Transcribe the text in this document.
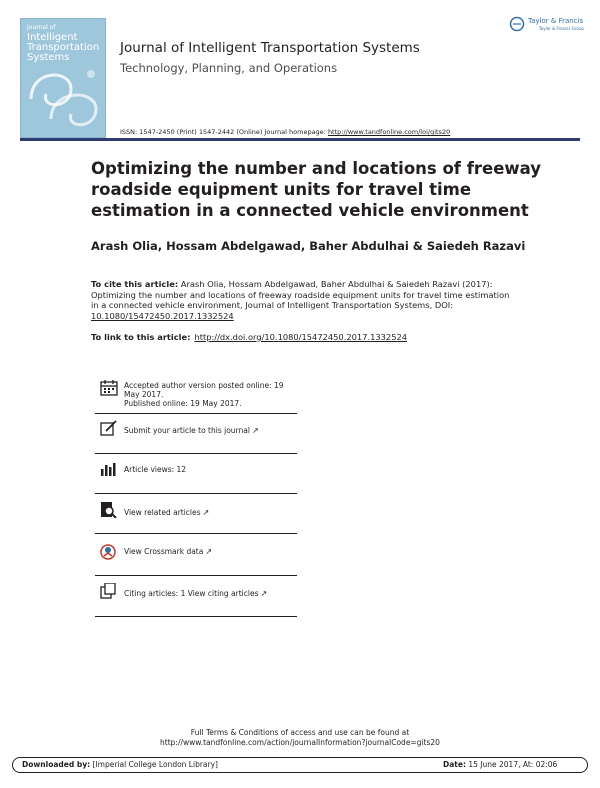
Journal of
Intelligent
Transportation
Systems
Taylor & Francis
Taylor & Francis Group
Journal of Intelligent Transportation Systems
Technology, Planning, and Operations
ISSN: 1547-2450 (Print) 1547-2442 (Online) Journal homepage: http://www.tandfonline.com/loi/gits20
Optimizing the number and locations of freeway roadside equipment units for travel time estimation in a connected vehicle environment
Arash Olia, Hossam Abdelgawad, Baher Abdulhai & Saiedeh Razavi
To cite this article: Arash Olia, Hossam Abdelgawad, Baher Abdulhai & Saiedeh Razavi (2017): Optimizing the number and locations of freeway roadside equipment units for travel time estimation in a connected vehicle environment, Journal of Intelligent Transportation Systems, DOI: 10.1080/15472450.2017.1332524
To link to this article: http://dx.doi.org/10.1080/15472450.2017.1332524
Accepted author version posted online: 19
May 2017.
Published online: 19 May 2017.
Submit your article to this journal ↗
Article views: 12
View related articles ↗
View Crossmark data ↗
Citing articles: 1 View citing articles ↗
Full Terms & Conditions of access and use can be found at
http://www.tandfonline.com/action/journalInformation?journalCode=gits20
Downloaded by: [Imperial College London Library]	Date: 15 June 2017, At: 02:06
